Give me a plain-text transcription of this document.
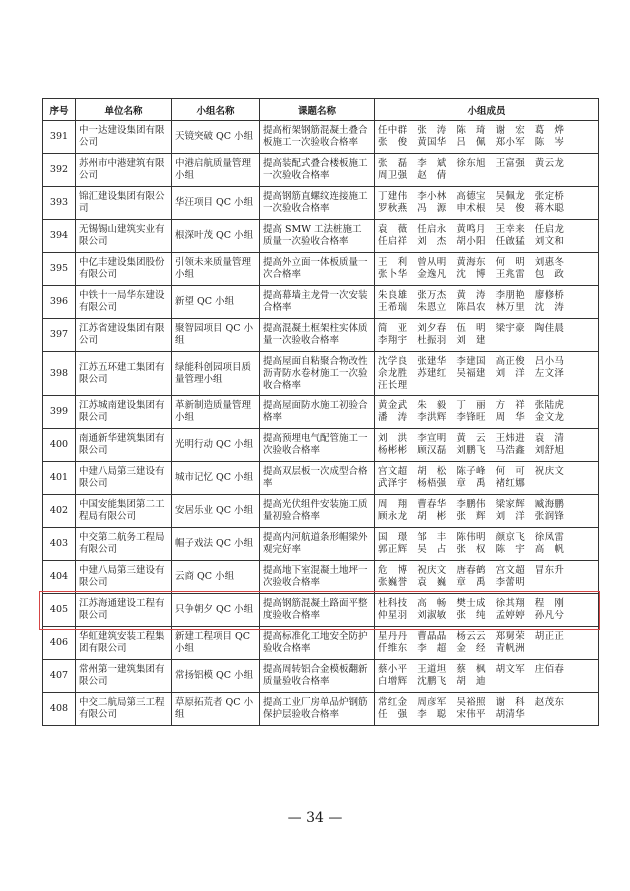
序号	单位名称	小组名称	课题名称	小组成员
391	中一达建设集团有限公司	天镜突破 QC 小组	提高桁架钢筋混凝土叠合板施工一次验收合格率	任中群　张　涛　陈　琦　谢　宏　葛　烨
张　俊　黄国华　吕　佩　郑小军　陈　岑

392	苏州市中港建筑有限公司	中港启航质量管理小组	提高装配式叠合楼板施工一次验收合格率	张　磊　李　斌　徐东旭　王富强　黄云龙
周卫强　赵　倩

393	锦汇建设集团有限公司	华汪项目 QC 小组	提高钢筋直螺纹连接施工一次验收合格率	丁建伟　李小林　高德宝　吴佩龙　张定桥
罗秋燕　冯　源　申术根　吴　俊　蒋木聪

394	无锡锡山建筑实业有限公司	根深叶茂 QC 小组	提高 SMW 工法桩施工质量一次验收合格率	袁　薇　任启永　黄鸣月　王幸来　任启龙
任启祥　刘　杰　胡小阳　任啟猛　刘文和

395	中亿丰建设集团股份有限公司	引领未来质量管理小组	提高外立面一体板质量一次合格率	王　利　曾从明　黄海东　何　明　刘惠冬
张卜华　金逸凡　沈　博　王兆雷　包　政

396	中铁十一局华东建设有限公司	新望 QC 小组	提高幕墙主龙骨一次安装合格率	朱良雄　张万杰　黄　涛　李朋艳　廖修桥
王希瑞　朱恩立　陈昌农　林万里　沈　涛

397	江苏省建设集团有限公司	聚智园项目 QC 小组	提高混凝土框架柱实体质量一次验收合格率	简　亚　刘夕春　伍　明　梁宇豪　陶佳晨
李翔宇　杜振羽　刘　建

398	江苏五环建工集团有限公司	绿能科创园项目质量管理小组	提高屋面自粘聚合物改性沥青防水卷材施工一次验收合格率	沈学良　张建华　李建国　高正俊　吕小马
佘龙胜　苏建红　吴福建　刘　洋　左文泽
汪长理

399	江苏城南建设集团有限公司	革新制造质量管理小组	提高屋面防水施工初验合格率	黄金武　朱　毅　丁　丽　方　祥　张陆虎
潘　涛　李洪辉　李锋旺　周　华　金文龙

400	南通新华建筑集团有限公司	光明行动 QC 小组	提高预埋电气配管施工一次验收合格率	刘　洪　李宣明　黄　云　王炜进　袁　清
杨彬彬　顾汉磊　刘鹏飞　马浩鑫　刘舒旭

401	中建八局第三建设有限公司	城市记忆 QC 小组	提高双层板一次成型合格率	宫文超　胡　松　陈子峰　何　可　祝庆文
武泽宇　杨梧强　章　禹　褚红娜

402	中国安能集团第二工程局有限公司	安居乐业 QC 小组	提高光伏组件安装施工质量初验合格率	周　翔　曹春华　李鹏伟　梁家辉　臧海鹏
顾永龙　胡　彬　张　辉　刘　洋　张润锋

403	中交第二航务工程局有限公司	帽子戏法 QC 小组	提高内河航道条形帽梁外观完好率	国　璟　邹　丰　陈伟明　颜京飞　徐凤雷
郭正辉　吴　占　张　权　陈　宇　高　帆

404	中建八局第三建设有限公司	云商 QC 小组	提高地下室混凝土地坪一次验收合格率	危　博　祝庆文　唐春鹤　宫文超　冒东升
张巍誉　袁　巍　章　禹　李蕾明

405	江苏海通建设工程有限公司	只争朝夕 QC 小组	提高钢筋混凝土路面平整度验收合格率	杜科技　高　畅　樊士成　徐其翔　程　刚
仲星羽　刘淑敏　张　纯　孟婷婷　孙凡兮

406	华虹建筑安装工程集团有限公司	新建工程项目 QC 小组	提高标准化工地安全防护验收合格率	星丹丹　曹晶晶　杨云云　郑舅荣　胡正正
仟维东　李　超　金　经　青帆洲

407	常州第一建筑集团有限公司	常扬铝模 QC 小组	提高周转铝合金模板翻新质量验收合格率	蔡小平　王道坦　蔡　枫　胡文军　庄佰春
白增辉　沈鹏飞　胡　迪

408	中交二航局第三工程有限公司	草原拓荒者 QC 小组	提高工业厂房单品炉钢筋保护层验收合格率	常红金　周彦军　吴裕照　谢　科　赵茂东
任　强　李　聪　宋伟平　胡清华
— 34 —
